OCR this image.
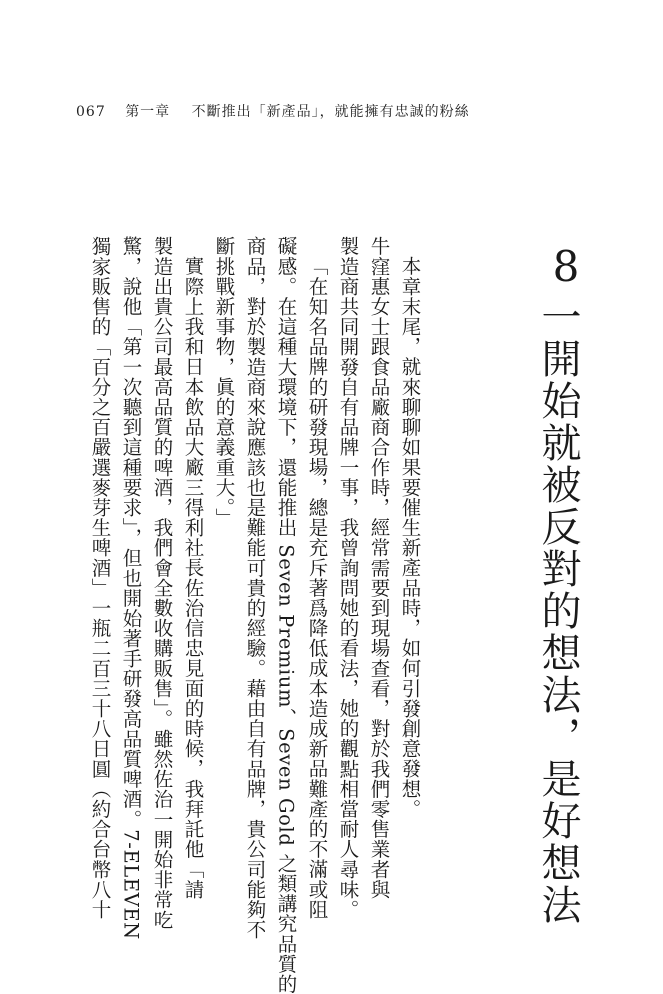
067 第一章 不斷推出「新產品」，就能擁有忠誠的粉絲
8
一開始就被反對的想法，是好想法
本章末尾，就來聊聊如果要催生新產品時，如何引發創意發想。
牛窪惠女士跟食品廠商合作時，經常需要到現場查看，對於我們零售業者與
製造商共同開發自有品牌一事，我曾詢問她的看法，她的觀點相當耐人尋味。
「在知名品牌的研發現場，總是充斥著爲降低成本造成新品難產的不滿或阻
礙感。在這種大環境下，還能推出 Seven Premium、Seven Gold 之類講究品質的
商品，對於製造商來說應該也是難能可貴的經驗。藉由自有品牌，貴公司能夠不
斷挑戰新事物，眞的意義重大。」
實際上我和日本飲品大廠三得利社長佐治信忠見面的時候，我拜託他「請
製造出貴公司最高品質的啤酒，我們會全數收購販售」。雖然佐治一開始非常吃
驚，說他「第一次聽到這種要求」，但也開始著手研發高品質啤酒。7-ELEVEN
獨家販售的「百分之百嚴選麥芽生啤酒」一瓶二百三十八日圓（約合台幣八十
